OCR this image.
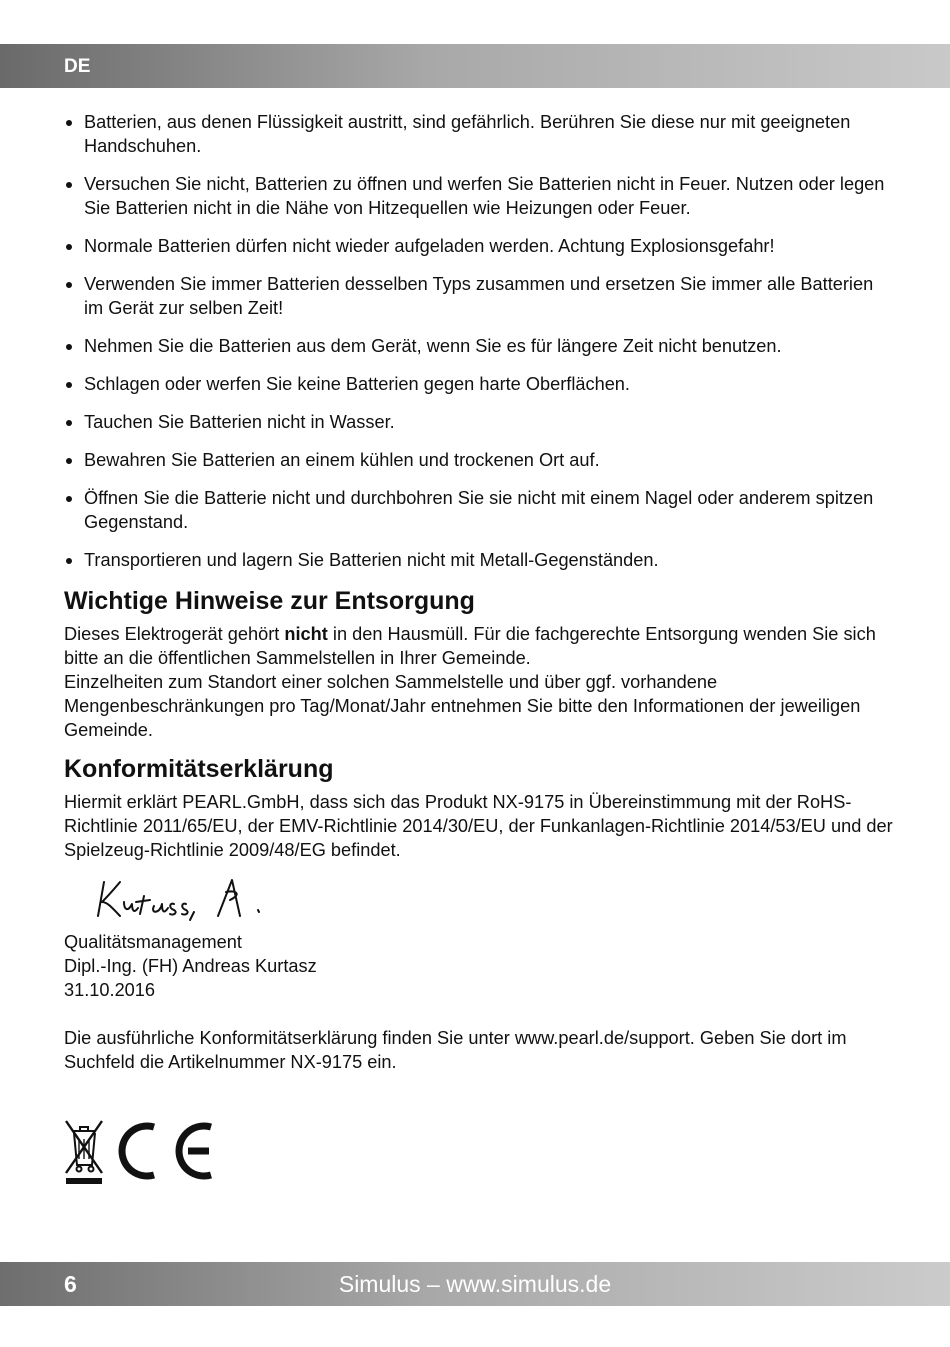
DE
Batterien, aus denen Flüssigkeit austritt, sind gefährlich. Berühren Sie diese nur mit geeigneten Handschuhen.
Versuchen Sie nicht, Batterien zu öffnen und werfen Sie Batterien nicht in Feuer. Nutzen oder legen Sie Batterien nicht in die Nähe von Hitzequellen wie Heizungen oder Feuer.
Normale Batterien dürfen nicht wieder aufgeladen werden. Achtung Explosionsgefahr!
Verwenden Sie immer Batterien desselben Typs zusammen und ersetzen Sie immer alle Batterien im Gerät zur selben Zeit!
Nehmen Sie die Batterien aus dem Gerät, wenn Sie es für längere Zeit nicht benutzen.
Schlagen oder werfen Sie keine Batterien gegen harte Oberflächen.
Tauchen Sie Batterien nicht in Wasser.
Bewahren Sie Batterien an einem kühlen und trockenen Ort auf.
Öffnen Sie die Batterie nicht und durchbohren Sie sie nicht mit einem Nagel oder anderem spitzen Gegenstand.
Transportieren und lagern Sie Batterien nicht mit Metall-Gegenständen.
Wichtige Hinweise zur Entsorgung

Dieses Elektrogerät gehört nicht in den Hausmüll. Für die fachgerechte Entsorgung wenden Sie sich bitte an die öffentlichen Sammelstellen in Ihrer Gemeinde.

Einzelheiten zum Standort einer solchen Sammelstelle und über ggf. vorhandene Mengenbeschränkungen pro Tag/Monat/Jahr entnehmen Sie bitte den Informationen der jeweiligen Gemeinde.

Konformitätserklärung

Hiermit erklärt PEARL.GmbH, dass sich das Produkt NX-9175 in Übereinstimmung mit der RoHS-Richtlinie 2011/65/EU, der EMV-Richtlinie 2014/30/EU, der Funkanlagen-Richtlinie 2014/53/EU und der Spielzeug-Richtlinie 2009/48/EG befindet.

Qualitätsmanagement

Dipl.-Ing. (FH) Andreas Kurtasz

31.10.2016

Die ausführliche Konformitätserklärung finden Sie unter www.pearl.de/support. Geben Sie dort im Suchfeld die Artikelnummer NX-9175 ein.

Simulus – www.simulus.de
6
